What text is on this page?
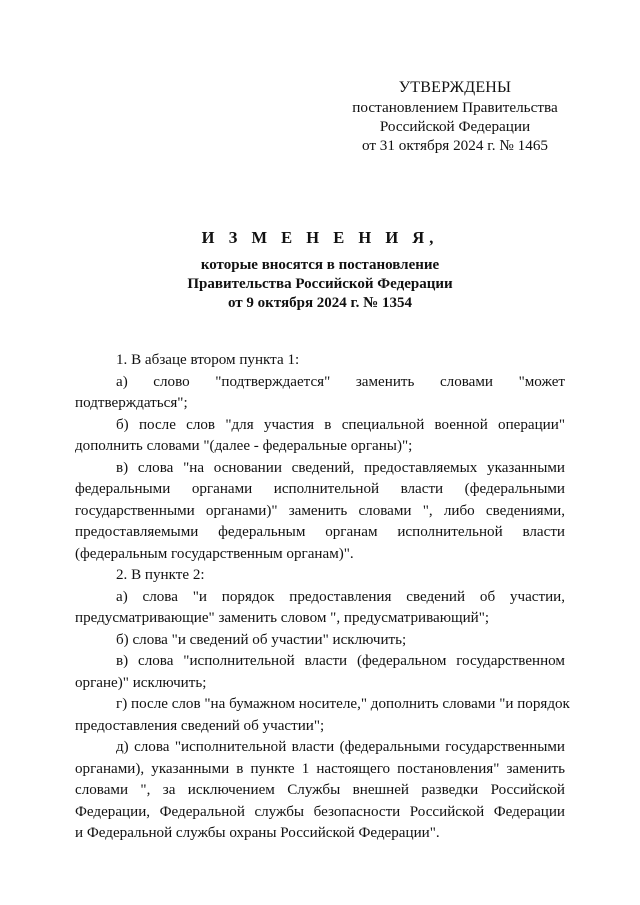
УТВЕРЖДЕНЫ
постановлением Правительства
Российской Федерации
от 31 октября 2024 г. № 1465
И З М Е Н Е Н И Я,
которые вносятся в постановление
Правительства Российской Федерации
от 9 октября 2024 г. № 1354
1. В абзаце втором пункта 1:
а) слово "подтверждается" заменить словами "может
подтверждаться";
б) после слов "для участия в специальной военной операции"
дополнить словами "(далее - федеральные органы)";
в) слова "на основании сведений, предоставляемых указанными
федеральными органами исполнительной власти (федеральными
государственными органами)" заменить словами ", либо сведениями,
предоставляемыми федеральным органам исполнительной власти
(федеральным государственным органам)".
2. В пункте 2:
а) слова "и порядок предоставления сведений об участии,
предусматривающие" заменить словом ", предусматривающий";
б) слова "и сведений об участии" исключить;
в) слова "исполнительной власти (федеральном государственном
органе)" исключить;
г) после слов "на бумажном носителе," дополнить словами "и порядок
предоставления сведений об участии";
д) слова "исполнительной власти (федеральными государственными
органами), указанными в пункте 1 настоящего постановления" заменить
словами ", за исключением Службы внешней разведки Российской
Федерации, Федеральной службы безопасности Российской Федерации
и Федеральной службы охраны Российской Федерации".
